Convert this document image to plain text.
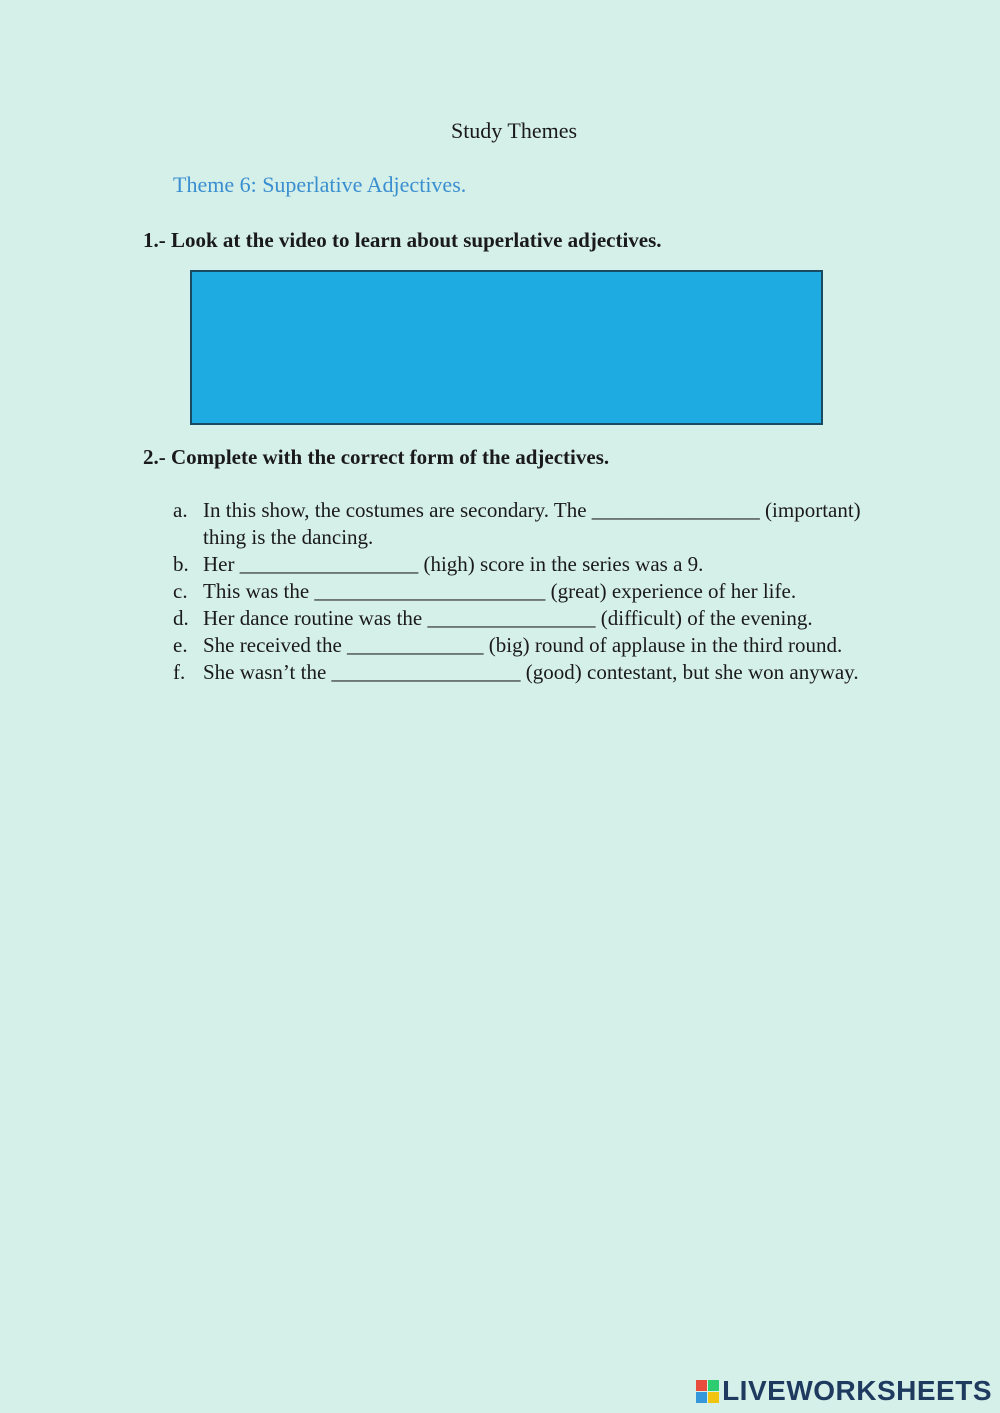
Study Themes
Theme 6: Superlative Adjectives.
1.- Look at the video to learn about superlative adjectives.
2.- Complete with the correct form of the adjectives.
a. In this show, the costumes are secondary. The ________________ (important) thing is the dancing.
b. Her _________________ (high) score in the series was a 9.
c. This was the ______________________ (great) experience of her life.
d. Her dance routine was the ________________ (difficult) of the evening.
e. She received the _____________ (big) round of applause in the third round.
f. She wasn’t the __________________ (good) contestant, but she won anyway.
LIVEWORKSHEETS
